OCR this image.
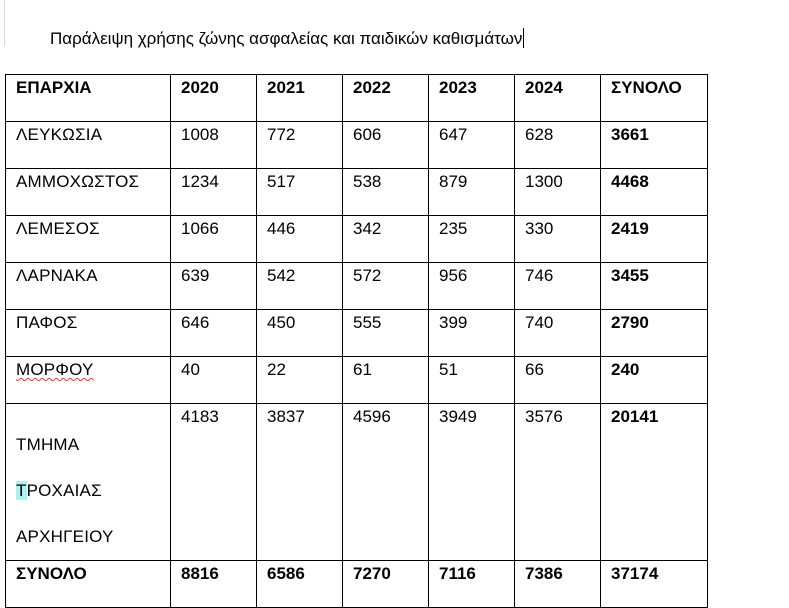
Παράλειψη χρήσης ζώνης ασφαλείας και παιδικών καθισμάτων
ΕΠΑΡΧΙΑ	2020	2021	2022	2023	2024	ΣΥΝΟΛΟ
ΛΕΥΚΩΣΙΑ	1008	772	606	647	628	3661
ΑΜΜΟΧΩΣΤΟΣ	1234	517	538	879	1300	4468
ΛΕΜΕΣΟΣ	1066	446	342	235	330	2419
ΛΑΡΝΑΚΑ	639	542	572	956	746	3455
ΠΑΦΟΣ	646	450	555	399	740	2790
ΜΟΡΦΟΥ	40	22	61	51	66	240

ΤΜΗΜΑ
ΤΡΟΧΑΙΑΣ
ΑΡΧΗΓΕΙΟΥ	4183	3837	4596	3949	3576	20141
ΣΥΝΟΛΟ	8816	6586	7270	7116	7386	37174
